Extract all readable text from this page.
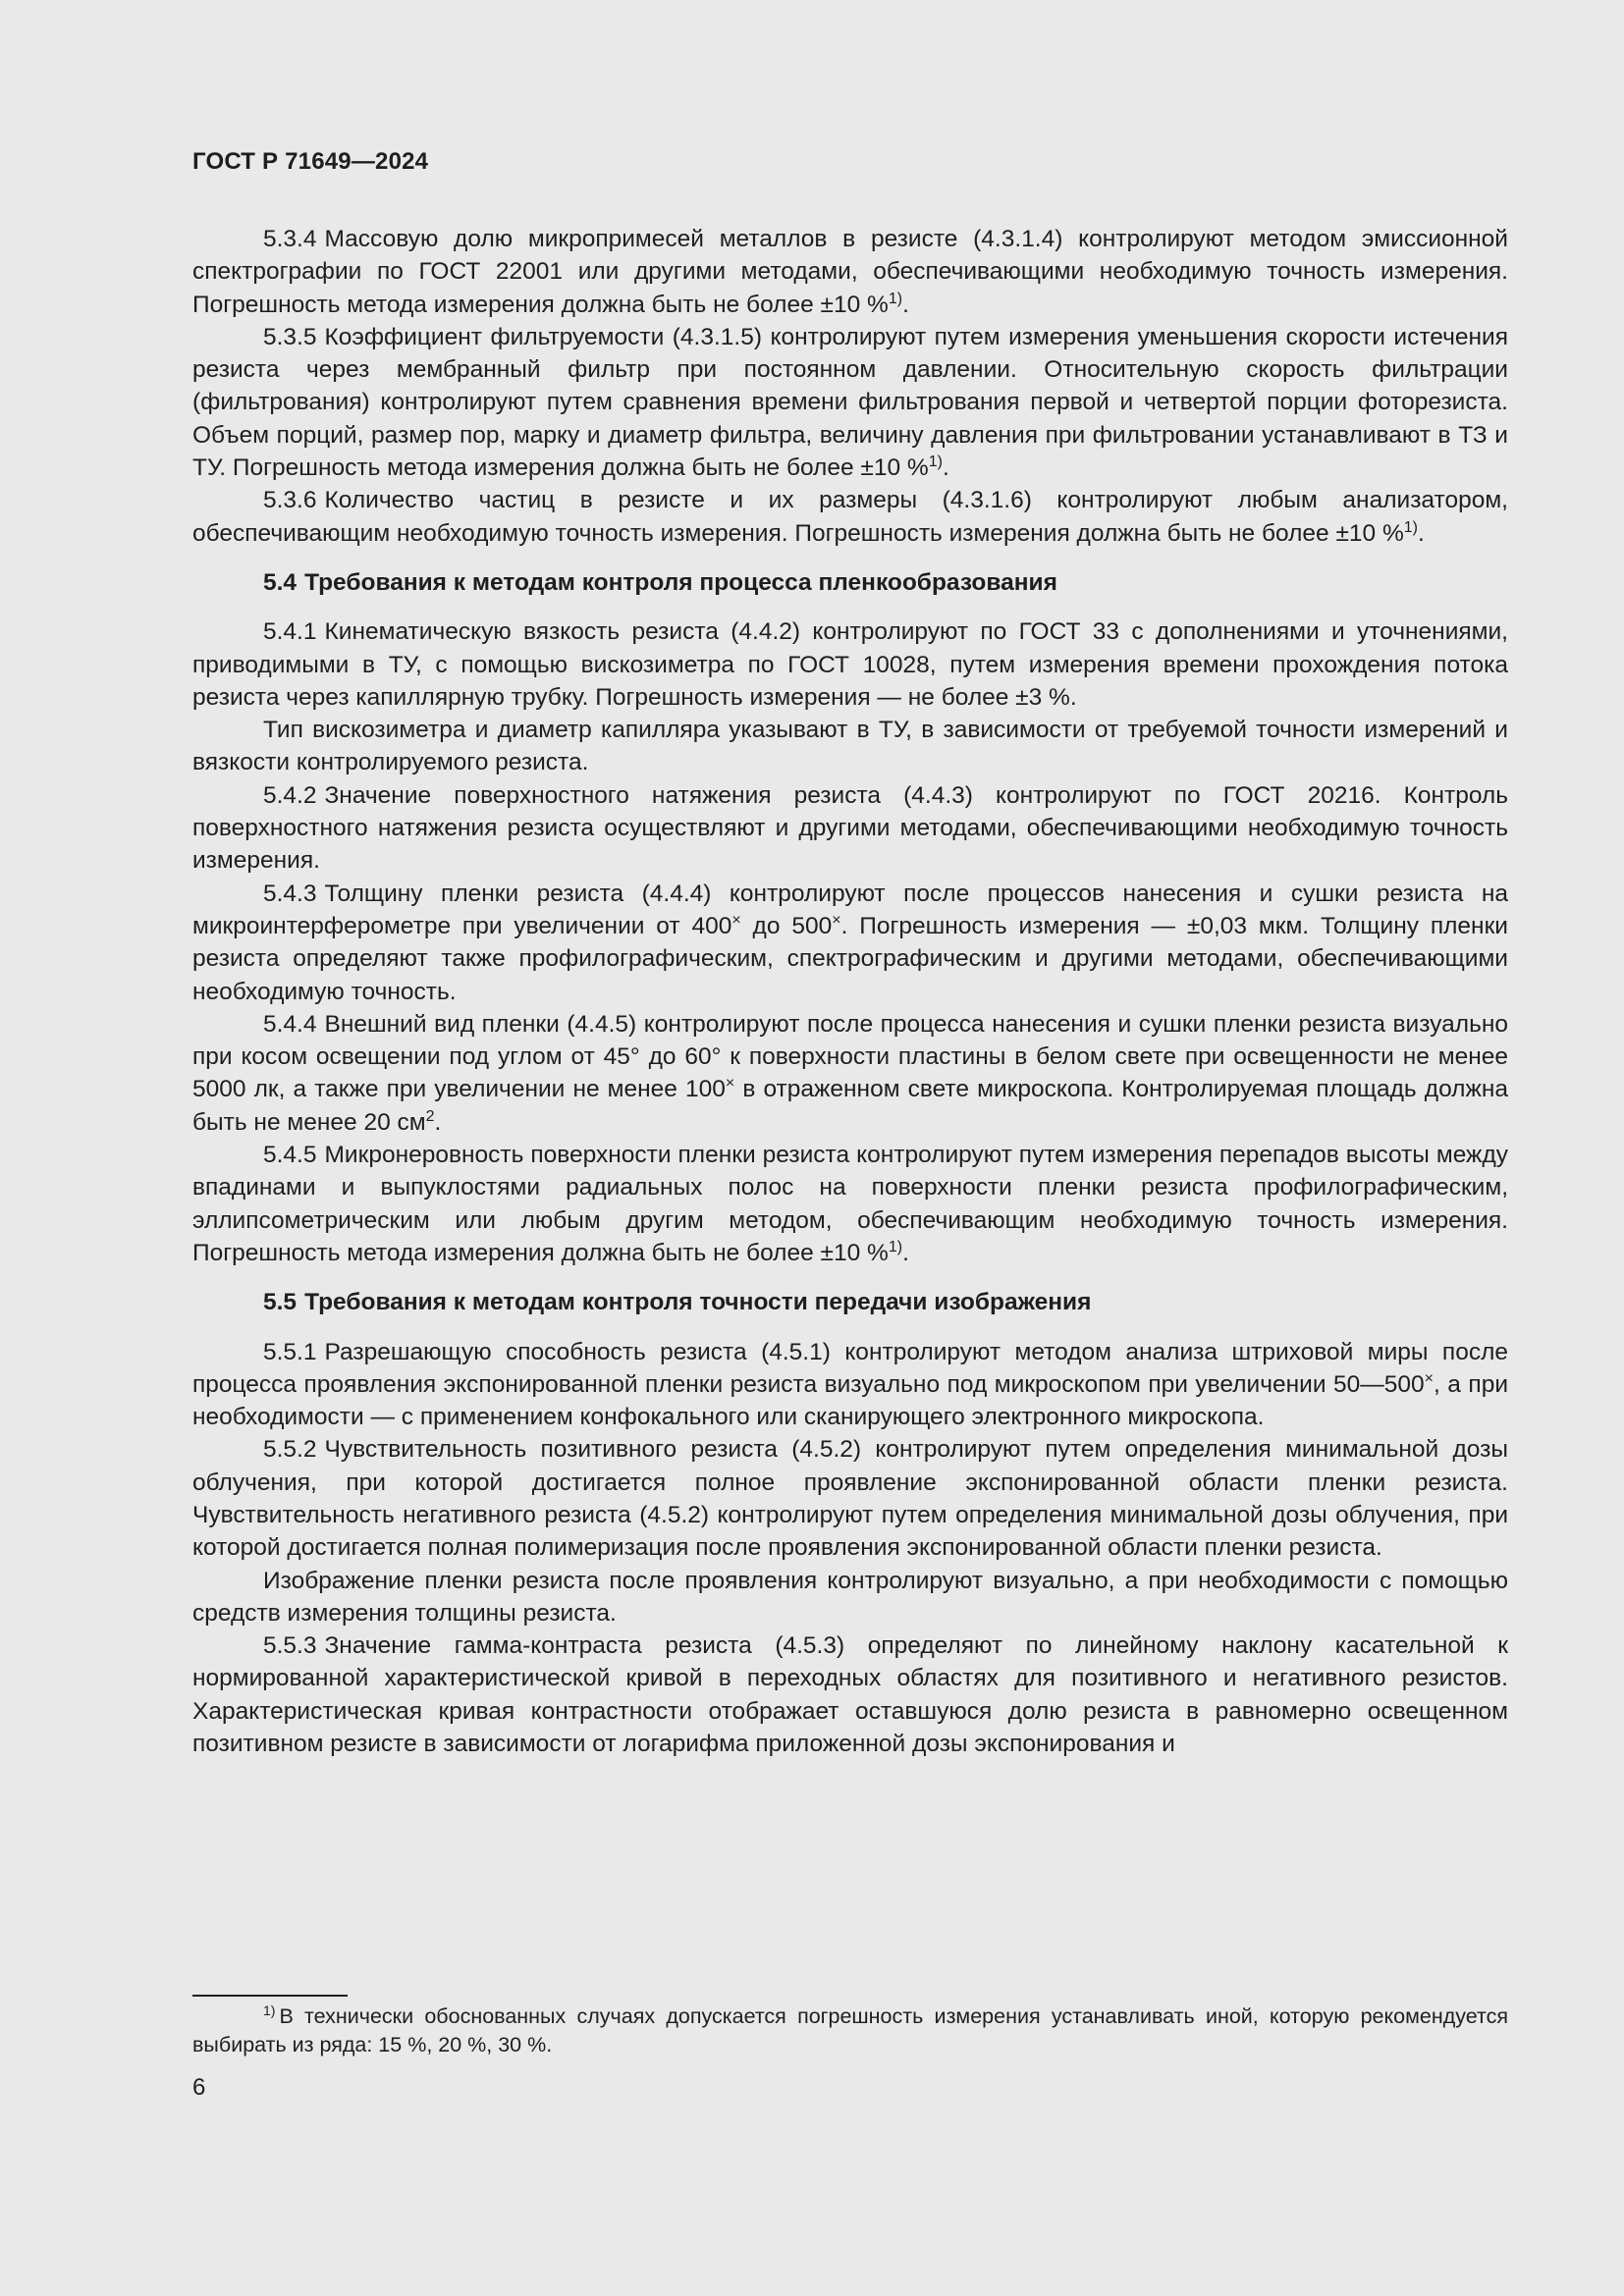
ГОСТ Р 71649—2024

5.3.4 Массовую долю микропримесей металлов в резисте (4.3.1.4) контролируют методом эмиссионной спектрографии по ГОСТ 22001 или другими методами, обеспечивающими необходимую точность измерения. Погрешность метода измерения должна быть не более ±10 %$^{1)}$.

5.3.5 Коэффициент фильтруемости (4.3.1.5) контролируют путем измерения уменьшения скорости истечения резиста через мембранный фильтр при постоянном давлении. Относительную скорость фильтрации (фильтрования) контролируют путем сравнения времени фильтрования первой и четвертой порции фоторезиста. Объем порций, размер пор, марку и диаметр фильтра, величину давления при фильтровании устанавливают в ТЗ и ТУ. Погрешность метода измерения должна быть не более ±10 %$^{1)}$.

5.3.6 Количество частиц в резисте и их размеры (4.3.1.6) контролируют любым анализатором, обеспечивающим необходимую точность измерения. Погрешность измерения должна быть не более ±10 %$^{1)}$.

5.4 Требования к методам контроля процесса пленкообразования

5.4.1 Кинематическую вязкость резиста (4.4.2) контролируют по ГОСТ 33 с дополнениями и уточнениями, приводимыми в ТУ, с помощью вискозиметра по ГОСТ 10028, путем измерения времени прохождения потока резиста через капиллярную трубку. Погрешность измерения — не более ±3 %.

Тип вискозиметра и диаметр капилляра указывают в ТУ, в зависимости от требуемой точности измерений и вязкости контролируемого резиста.

5.4.2 Значение поверхностного натяжения резиста (4.4.3) контролируют по ГОСТ 20216. Контроль поверхностного натяжения резиста осуществляют и другими методами, обеспечивающими необходимую точность измерения.

5.4.3 Толщину пленки резиста (4.4.4) контролируют после процессов нанесения и сушки резиста на микроинтерферометре при увеличении от 400× до 500×. Погрешность измерения — ±0,03 мкм. Толщину пленки резиста определяют также профилографическим, спектрографическим и другими методами, обеспечивающими необходимую точность.

5.4.4 Внешний вид пленки (4.4.5) контролируют после процесса нанесения и сушки пленки резиста визуально при косом освещении под углом от 45° до 60° к поверхности пластины в белом свете при освещенности не менее 5000 лк, а также при увеличении не менее 100× в отраженном свете микроскопа. Контролируемая площадь должна быть не менее 20 $см^2$.

5.4.5 Микронеровность поверхности пленки резиста контролируют путем измерения перепадов высоты между впадинами и выпуклостями радиальных полос на поверхности пленки резиста профилографическим, эллипсометрическим или любым другим методом, обеспечивающим необходимую точность измерения. Погрешность метода измерения должна быть не более ±10 %$^{1)}$.

5.5 Требования к методам контроля точности передачи изображения

5.5.1 Разрешающую способность резиста (4.5.1) контролируют методом анализа штриховой миры после процесса проявления экспонированной пленки резиста визуально под микроскопом при увеличении 50—500×, а при необходимости — с применением конфокального или сканирующего электронного микроскопа.

5.5.2 Чувствительность позитивного резиста (4.5.2) контролируют путем определения минимальной дозы облучения, при которой достигается полное проявление экспонированной области пленки резиста. Чувствительность негативного резиста (4.5.2) контролируют путем определения минимальной дозы облучения, при которой достигается полная полимеризация после проявления экспонированной области пленки резиста.

Изображение пленки резиста после проявления контролируют визуально, а при необходимости с помощью средств измерения толщины резиста.

5.5.3 Значение гамма-контраста резиста (4.5.3) определяют по линейному наклону касательной к нормированной характеристической кривой в переходных областях для позитивного и негативного резистов. Характеристическая кривая контрастности отображает оставшуюся долю резиста в равномерно освещенном позитивном резисте в зависимости от логарифма приложенной дозы экспонирования и

$^{1)}$ В технически обоснованных случаях допускается погрешность измерения устанавливать иной, которую рекомендуется выбирать из ряда: 15 %, 20 %, 30 %.

6
